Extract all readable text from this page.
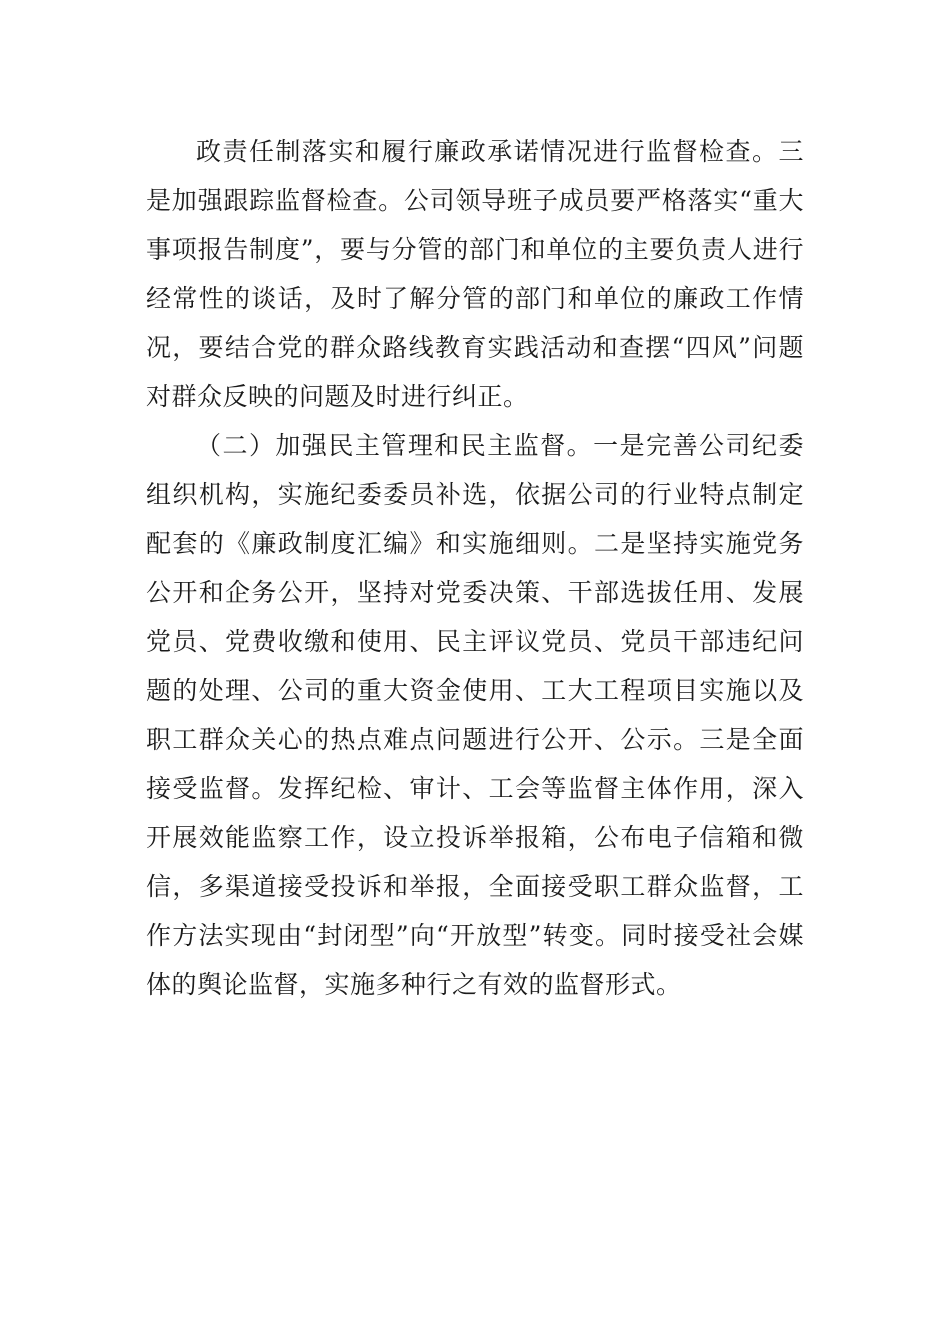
政责任制落实和履行廉政承诺情况进行监督检查。三是加强跟踪监督检查。公司领导班子成员要严格落实“重大事项报告制度”，要与分管的部门和单位的主要负责人进行经常性的谈话，及时了解分管的部门和单位的廉政工作情况，要结合党的群众路线教育实践活动和查摆“四风”问题对群众反映的问题及时进行纠正。

（二）加强民主管理和民主监督。一是完善公司纪委组织机构，实施纪委委员补选，依据公司的行业特点制定配套的《廉政制度汇编》和实施细则。二是坚持实施党务公开和企务公开，坚持对党委决策、干部选拔任用、发展党员、党费收缴和使用、民主评议党员、党员干部违纪问题的处理、公司的重大资金使用、工大工程项目实施以及职工群众关心的热点难点问题进行公开、公示。三是全面接受监督。发挥纪检、审计、工会等监督主体作用，深入开展效能监察工作，设立投诉举报箱，公布电子信箱和微信，多渠道接受投诉和举报，全面接受职工群众监督，工作方法实现由“封闭型”向“开放型”转变。同时接受社会媒体的舆论监督，实施多种行之有效的监督形式。
